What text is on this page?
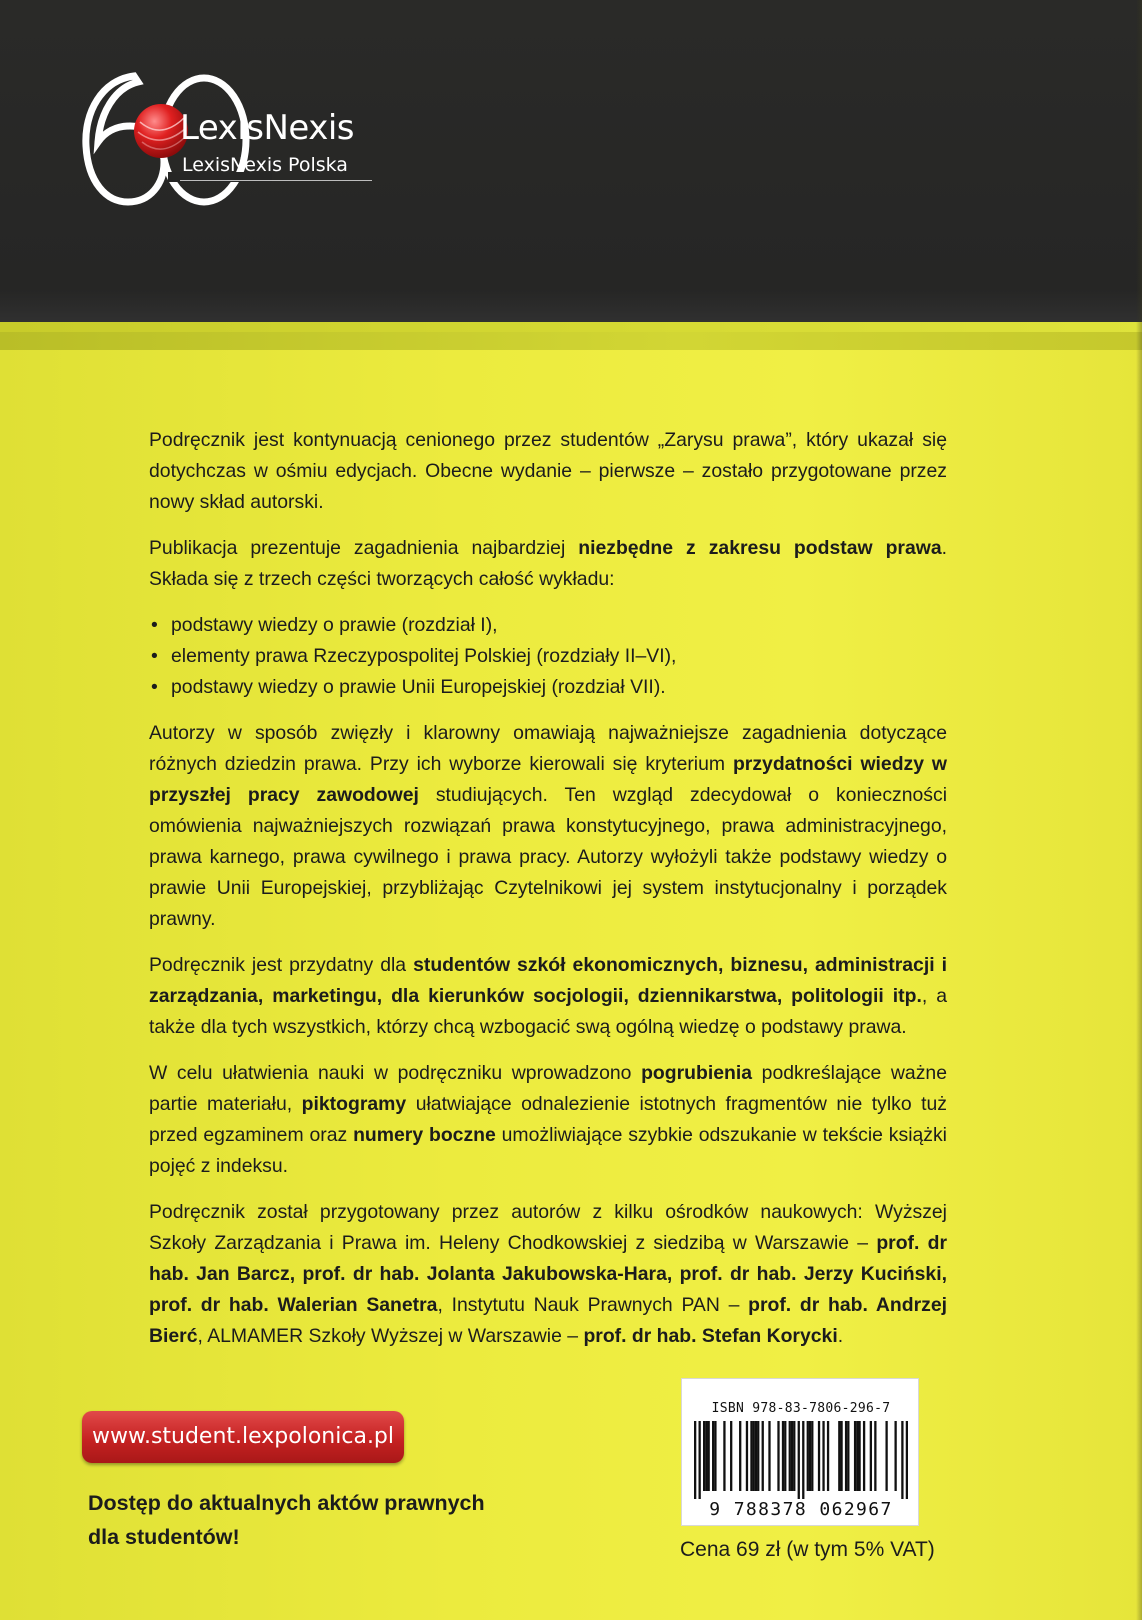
60
LexisNexis
LexisNexis Polska

Podręcznik jest kontynuacją cenionego przez studentów „Zarysu prawa”, który ukazał się dotychczas w ośmiu edycjach. Obecne wydanie – pierwsze – zostało przygotowane przez nowy skład autorski.

Publikacja prezentuje zagadnienia najbardziej niezbędne z zakresu podstaw prawa. Składa się z trzech części tworzących całość wykładu:

• podstawy wiedzy o prawie (rozdział I),
• elementy prawa Rzeczypospolitej Polskiej (rozdziały II–VI),
• podstawy wiedzy o prawie Unii Europejskiej (rozdział VII).

Autorzy w sposób zwięzły i klarowny omawiają najważniejsze zagadnienia dotyczące różnych dziedzin prawa. Przy ich wyborze kierowali się kryterium przydatności wiedzy w przyszłej pracy zawodowej studiujących. Ten wzgląd zdecydował o konieczności omówienia najważniejszych rozwiązań prawa konstytucyjnego, prawa administracyjnego, prawa karnego, prawa cywilnego i prawa pracy. Autorzy wyłożyli także podstawy wiedzy o prawie Unii Europejskiej, przybliżając Czytelnikowi jej system instytucjonalny i porządek prawny.

Podręcznik jest przydatny dla studentów szkół ekonomicznych, biznesu, administracji i zarządzania, marketingu, dla kierunków socjologii, dziennikarstwa, politologii itp., a także dla tych wszystkich, którzy chcą wzbogacić swą ogólną wiedzę o podstawy prawa.

W celu ułatwienia nauki w podręczniku wprowadzono pogrubienia podkreślające ważne partie materiału, piktogramy ułatwiające odnalezienie istotnych fragmentów nie tylko tuż przed egzaminem oraz numery boczne umożliwiające szybkie odszukanie w tekście książki pojęć z indeksu.

Podręcznik został przygotowany przez autorów z kilku ośrodków naukowych: Wyższej Szkoły Zarządzania i Prawa im. Heleny Chodkowskiej z siedzibą w Warszawie – prof. dr hab. Jan Barcz, prof. dr hab. Jolanta Jakubowska-Hara, prof. dr hab. Jerzy Kuciński, prof. dr hab. Walerian Sanetra, Instytutu Nauk Prawnych PAN – prof. dr hab. Andrzej Bierć, ALMAMER Szkoły Wyższej w Warszawie – prof. dr hab. Stefan Korycki.

www.student.lexpolonica.pl
Dostęp do aktualnych aktów prawnych
dla studentów!
ISBN 978-83-7806-296-7
9 788378 062967
Cena 69 zł (w tym 5% VAT)
